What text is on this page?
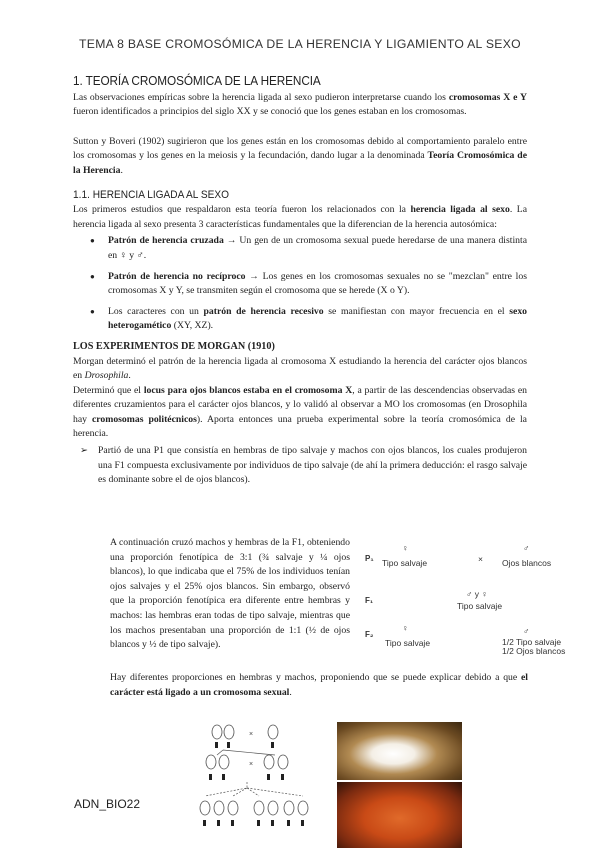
TEMA 8 BASE CROMOSÓMICA DE LA HERENCIA Y LIGAMIENTO AL SEXO
1. TEORÍA CROMOSÓMICA DE LA HERENCIA

Las observaciones empíricas sobre la herencia ligada al sexo pudieron interpretarse cuando los cromosomas X e Y fueron identificados a principios del siglo XX y se conoció que los genes estaban en los cromosomas.

Sutton y Boveri (1902) sugirieron que los genes están en los cromosomas debido al comportamiento paralelo entre los cromosomas y los genes en la meiosis y la fecundación, dando lugar a la denominada Teoría Cromosómica de la Herencia.

1.1. HERENCIA LIGADA AL SEXO

Los primeros estudios que respaldaron esta teoría fueron los relacionados con la herencia ligada al sexo. La herencia ligada al sexo presenta 3 características fundamentales que la diferencian de la herencia autosómica:

● Patrón de herencia cruzada → Un gen de un cromosoma sexual puede heredarse de una manera distinta en ♀ y ♂.
● Patrón de herencia no recíproco → Los genes en los cromosomas sexuales no se "mezclan" entre los cromosomas X y Y, se transmiten según el cromosoma que se herede (X o Y).
● Los caracteres con un patrón de herencia recesivo se manifiestan con mayor frecuencia en el sexo heterogamético (XY, XZ).
LOS EXPERIMENTOS DE MORGAN (1910)

Morgan determinó el patrón de la herencia ligada al cromosoma X estudiando la herencia del carácter ojos blancos en Drosophila.

Determinó que el locus para ojos blancos estaba en el cromosoma X, a partir de las descendencias observadas en diferentes cruzamientos para el carácter ojos blancos, y lo validó al observar a MO los cromosomas (en Drosophila hay cromosomas politécnicos). Aporta entonces una prueba experimental sobre la teoría cromosómica de la herencia.

➢ Partió de una P1 que consistía en hembras de tipo salvaje y machos con ojos blancos, los cuales produjeron una F1 compuesta exclusivamente por individuos de tipo salvaje (de ahí la primera deducción: el rasgo salvaje es dominante sobre el de ojos blancos).

A continuación cruzó machos y hembras de la F1, obteniendo una proporción fenotípica de 3:1 (¾ salvaje y ¼ ojos blancos), lo que indicaba que el 75% de los individuos tenían ojos salvajes y el 25% ojos blancos. Sin embargo, observó que la proporción fenotípica era diferente entre hembras y machos: las hembras eran todas de tipo salvaje, mientras que los machos presentaban una proporción de 1:1 (½ de ojos blancos y ½ de tipo salvaje).

P₁
♀
Tipo salvaje	×
♂
Ojos blancos
F₁
♂ y ♀
Tipo salvaje
F₂
♀
Tipo salvaje
♂
1/2 Tipo salvaje
1/2 Ojos blancos

Hay diferentes proporciones en hembras y machos, proponiendo que se puede explicar debido a que el carácter está ligado a un cromosoma sexual.

×
×
ADN_BIO22
